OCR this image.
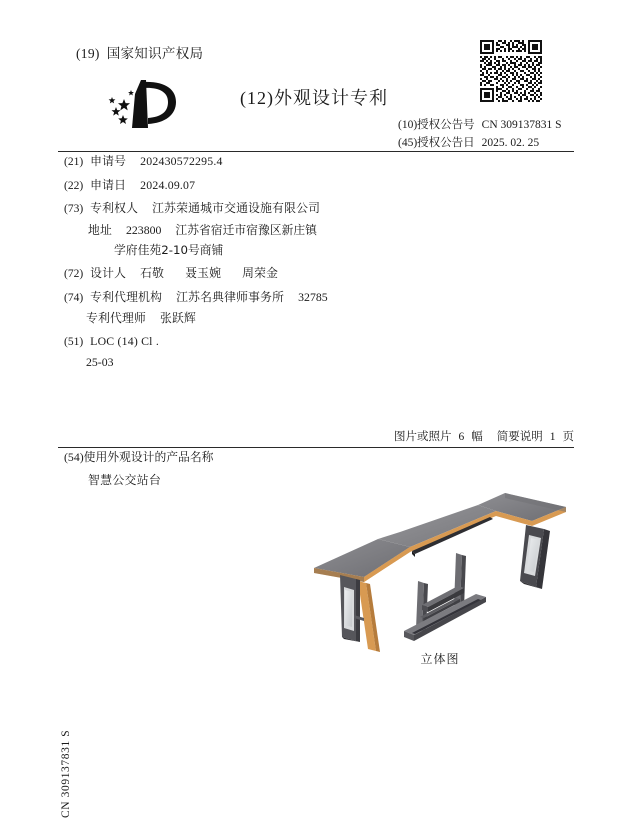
(19) 国家知识产权局
(12)外观设计专利
(10)授权公告号 CN 309137831 S
(45)授权公告日 2025. 02. 25
(21) 申请号 202430572295.4
(22) 申请日 2024.09.07
(73) 专利权人 江苏荣通城市交通设施有限公司
地址 223800 江苏省宿迁市宿豫区新庄镇
学府佳苑2-10号商铺
(72) 设计人 石敬 聂玉婉 周荣金
(74) 专利代理机构 江苏名典律师事务所 32785
专利代理师 张跃辉
(51) LOC (14) Cl .
25-03
图片或照片 6 幅 简要说明 1 页
(54)使用外观设计的产品名称
智慧公交站台
立体图
CN 309137831 S
